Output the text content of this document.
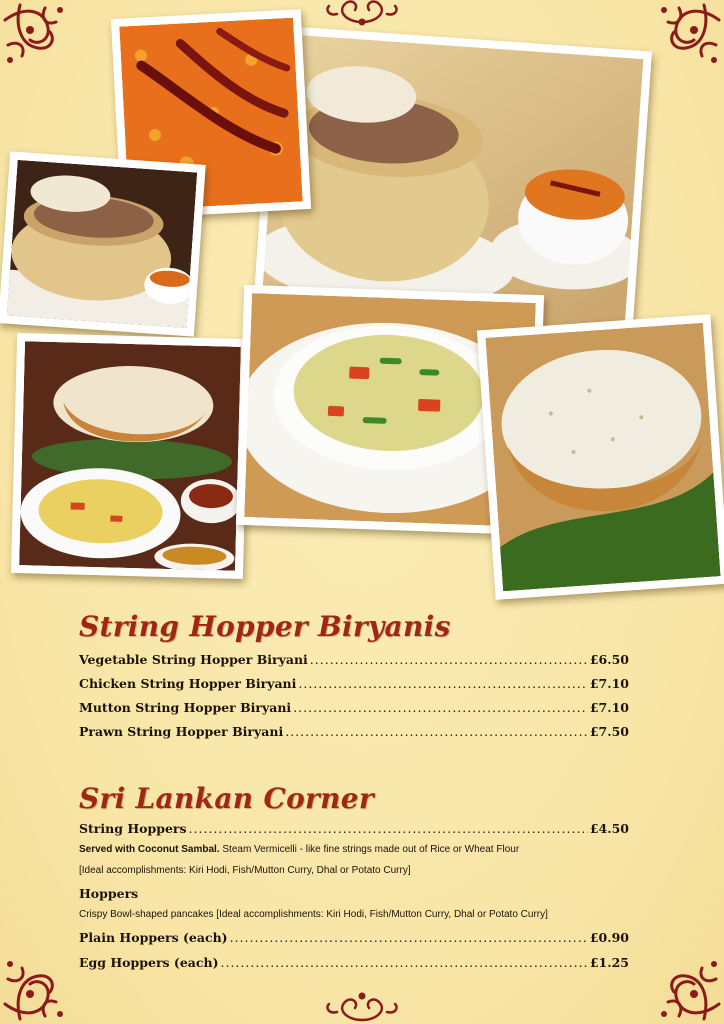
String Hopper Biryanis
Vegetable String Hopper Biryani .....	£6.50
Chicken String Hopper Biryani .....	£7.10
Mutton String Hopper Biryani .....	£7.10
Prawn String Hopper Biryani .....	£7.50
Sri Lankan Corner
String Hoppers .....	£4.50
Served with Coconut Sambal. Steam Vermicelli - like fine strings made out of Rice or Wheat Flour
[Ideal accomplishments: Kiri Hodi, Fish/Mutton Curry, Dhal or Potato Curry]
Hoppers
Crispy Bowl-shaped pancakes [Ideal accomplishments: Kiri Hodi, Fish/Mutton Curry, Dhal or Potato Curry]
Plain Hoppers (each) .....	£0.90
Egg Hoppers (each) .....	£1.25
